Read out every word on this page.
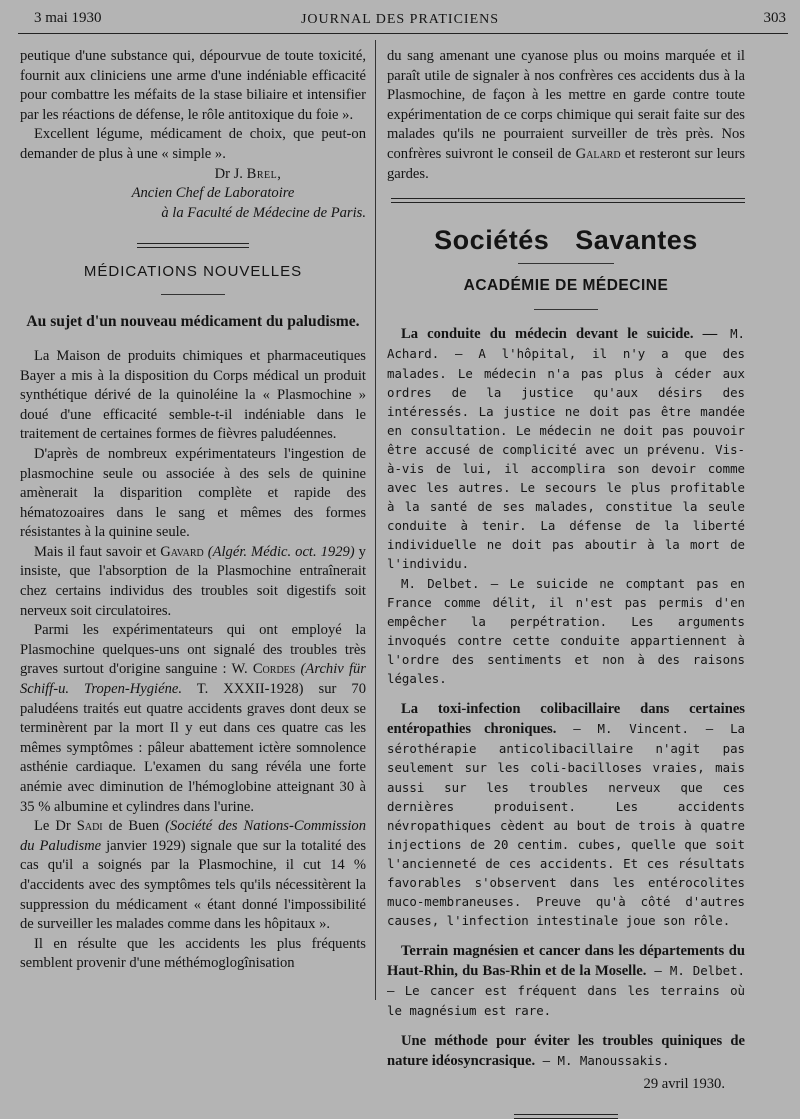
3 mai 1930	JOURNAL DES PRATICIENS	303

peutique d'une substance qui, dépourvue de toute toxicité, fournit aux cliniciens une arme d'une indéniable efficacité pour combattre les méfaits de la stase biliaire et intensifier par les réactions de défense, le rôle antitoxique du foie ».

Excellent légume, médicament de choix, que peut-on demander de plus à une « simple ».

Dr J. Brel,

Ancien Chef de Laboratoire

à la Faculté de Médecine de Paris.

MÉDICATIONS NOUVELLES
Au sujet d'un nouveau médicament du paludisme.

La Maison de produits chimiques et pharmaceutiques Bayer a mis à la disposition du Corps médical un produit synthétique dérivé de la quinoléine la « Plasmochine » doué d'une efficacité semble-t-il indéniable dans le traitement de certaines formes de fièvres paludéennes.

D'après de nombreux expérimentateurs l'ingestion de plasmochine seule ou associée à des sels de quinine amènerait la disparition complète et rapide des hématozoaires dans le sang et mêmes des formes résistantes à la quinine seule.

Mais il faut savoir et Gavard (Algér. Médic. oct. 1929) y insiste, que l'absorption de la Plasmochine entraînerait chez certains individus des troubles soit digestifs soit nerveux soit circulatoires.

Parmi les expérimentateurs qui ont employé la Plasmochine quelques-uns ont signalé des troubles très graves surtout d'origine sanguine : W. Cordes (Archiv für Schiff-u. Tropen-Hygiéne. T. XXXII-1928) sur 70 paludéens traités eut quatre accidents graves dont deux se terminèrent par la mort Il y eut dans ces quatre cas les mêmes symptômes : pâleur abattement ictère somnolence asthénie cardiaque. L'examen du sang révéla une forte anémie avec diminution de l'hémoglobine atteignant 30 à 35 % albumine et cylindres dans l'urine.

Le Dr Sadi de Buen (Société des Nations-Commission du Paludisme janvier 1929) signale que sur la totalité des cas qu'il a soignés par la Plasmochine, il cut 14 % d'accidents avec des symptômes tels qu'ils nécessitèrent la suppression du médicament « étant donné l'impossibilité de surveiller les malades comme dans les hôpitaux ».

Il en résulte que les accidents les plus fréquents semblent provenir d'une méthémoglogînisation

du sang amenant une cyanose plus ou moins marquée et il paraît utile de signaler à nos confrères ces accidents dus à la Plasmochine, de façon à les mettre en garde contre toute expérimentation de ce corps chimique qui serait faite sur des malades qu'ils ne pourraient surveiller de très près. Nos confrères suivront le conseil de Galard et resteront sur leurs gardes.

Sociétés Savantes
ACADÉMIE DE MÉDECINE

La conduite du médecin devant le suicide. — M. Achard. — A l'hôpital, il n'y a que des malades. Le médecin n'a pas plus à céder aux ordres de la justice qu'aux désirs des intéressés. La justice ne doit pas être mandée en consultation. Le médecin ne doit pas pouvoir être accusé de complicité avec un prévenu. Vis-à-vis de lui, il accomplira son devoir comme avec les autres. Le secours le plus profitable à la santé de ses malades, constitue la seule conduite à tenir. La défense de la liberté individuelle ne doit pas aboutir à la mort de l'individu.

M. Delbet. — Le suicide ne comptant pas en France comme délit, il n'est pas permis d'en empêcher la perpétration. Les arguments invoqués contre cette conduite appartiennent à l'ordre des sentiments et non à des raisons légales.

La toxi-infection colibacillaire dans certaines entéropathies chroniques. — M. Vincent. — La sérothérapie anticolibacillaire n'agit pas seulement sur les coli-bacilloses vraies, mais aussi sur les troubles nerveux que ces dernières produisent. Les accidents névropathiques cèdent au bout de trois à quatre injections de 20 centim. cubes, quelle que soit l'ancienneté de ces accidents. Et ces résultats favorables s'observent dans les entérocolites muco-membraneuses. Preuve qu'à côté d'autres causes, l'infection intestinale joue son rôle.

Terrain magnésien et cancer dans les départements du Haut-Rhin, du Bas-Rhin et de la Moselle. — M. Delbet. — Le cancer est fréquent dans les terrains où le magnésium est rare.

Une méthode pour éviter les troubles quiniques de nature idéosyncrasique. — M. Manoussakis.

29 avril 1930.
